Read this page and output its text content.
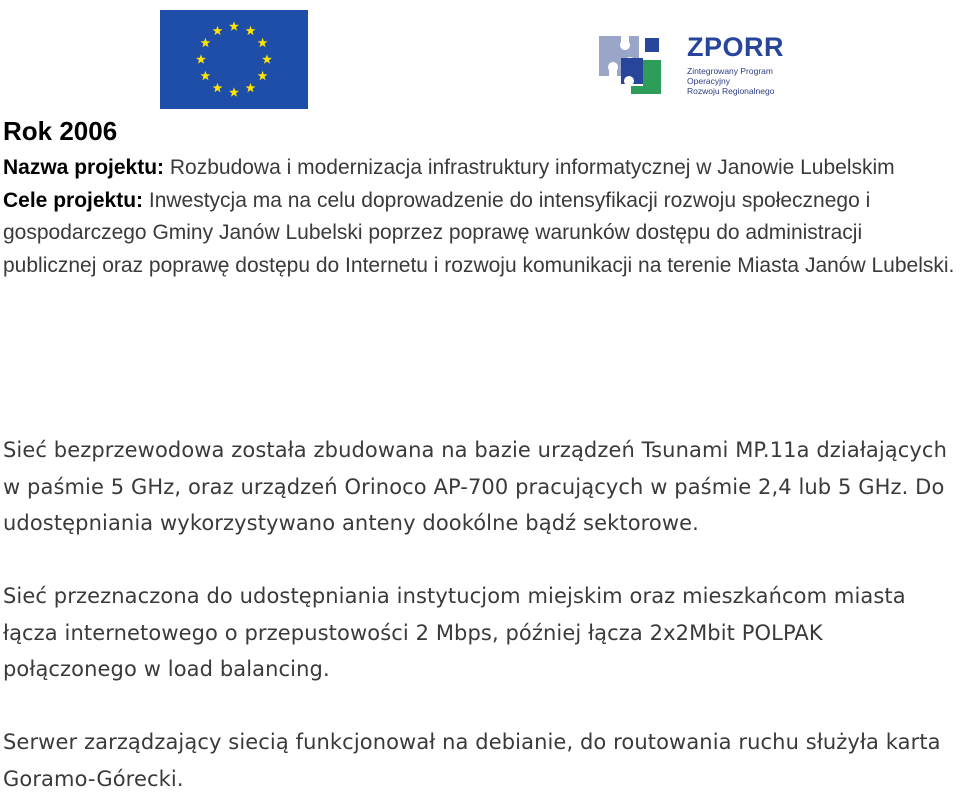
ZPORR
Zintegrowany Program
Operacyjny
Rozwoju Regionalnego
Rok 2006
Nazwa projektu: Rozbudowa i modernizacja infrastruktury informatycznej w Janowie Lubelskim
Cele projektu: Inwestycja ma na celu doprowadzenie do intensyfikacji rozwoju społecznego i gospodarczego Gminy Janów Lubelski poprzez poprawę warunków dostępu do administracji publicznej oraz poprawę dostępu do Internetu i rozwoju komunikacji na terenie Miasta Janów Lubelski.
Sieć bezprzewodowa została zbudowana na bazie urządzeń Tsunami MP.11a działających w paśmie 5 GHz, oraz urządzeń Orinoco AP-700 pracujących w paśmie 2,4 lub 5 GHz. Do udostępniania wykorzystywano anteny dookólne bądź sektorowe.
Sieć przeznaczona do udostępniania instytucjom miejskim oraz mieszkańcom miasta łącza internetowego o przepustowości 2 Mbps, później łącza 2x2Mbit POLPAK połączonego w load balancing.
Serwer zarządzający siecią funkcjonował na debianie, do routowania ruchu służyła karta Goramo-Górecki.
